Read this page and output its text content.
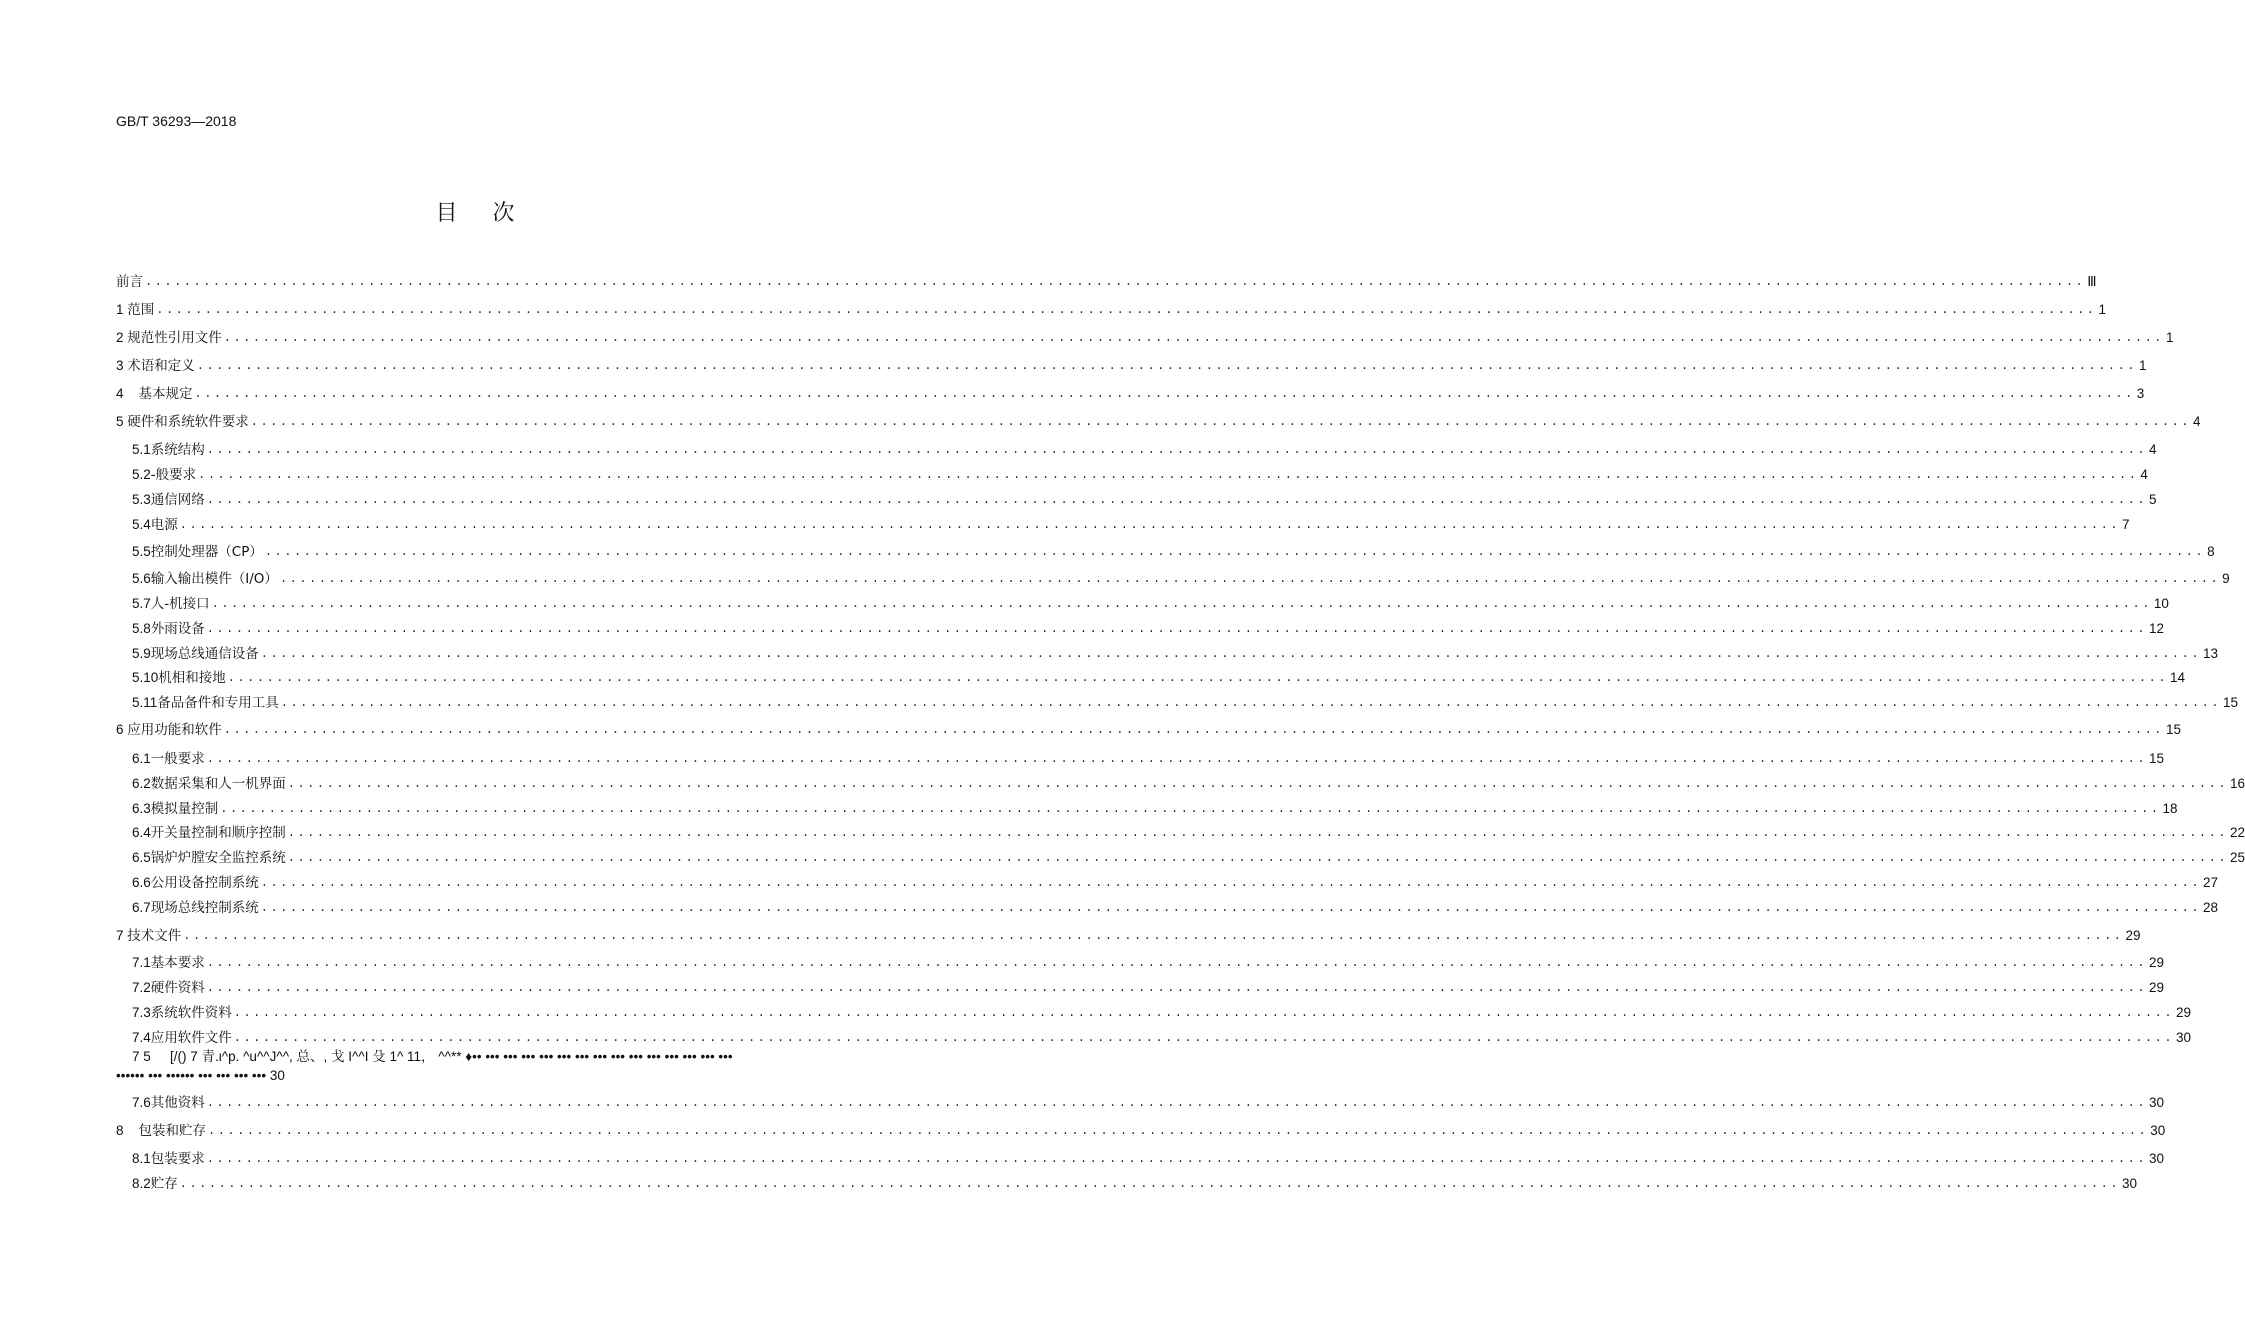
GB/T 36293—2018
目 次
前言 ........................................................................................................................................................................................................ Ⅲ
1 范围 ........................................................................................................................................................................................................ 1
2 规范性引用文件 ........................................................................................................................................................................................................ 1
3 术语和定义 ........................................................................................................................................................................................................ 1
4 基本规定 ........................................................................................................................................................................................................ 3
5 硬件和系统软件要求 ........................................................................................................................................................................................................ 4
5.1 系统结构 ........................................................................................................................................................................................................ 4
5.2 -般要求 ........................................................................................................................................................................................................ 4
5.3 通信网络 ........................................................................................................................................................................................................ 5
5.4 电源 ........................................................................................................................................................................................................ 7
5.5 控制处理器（CP） ........................................................................................................................................................................................................ 8
5.6 输入输出模件（I/O） ........................................................................................................................................................................................................ 9
5.7 人-机接口 ........................................................................................................................................................................................................ 10
5.8 外雨设备 ........................................................................................................................................................................................................ 12
5.9 现场总线通信设备 ........................................................................................................................................................................................................ 13
5.10 机相和接地 ........................................................................................................................................................................................................ 14
5.11 备品备件和专用工具 ........................................................................................................................................................................................................ 15
6 应用功能和软件 ........................................................................................................................................................................................................ 15
6.1 一般要求 ........................................................................................................................................................................................................ 15
6.2 数据采集和人一机界面 ........................................................................................................................................................................................................ 16
6.3 模拟量控制 ........................................................................................................................................................................................................ 18
6.4 开关量控制和顺序控制 ........................................................................................................................................................................................................ 22
6.5 锅炉炉膛安全监控系统 ........................................................................................................................................................................................................ 25
6.6 公用设备控制系统 ........................................................................................................................................................................................................ 27
6.7 现场总线控制系统 ........................................................................................................................................................................................................ 28
7 技术文件 ........................................................................................................................................................................................................ 29
7.1 基本要求 ........................................................................................................................................................................................................ 29
7.2 硬件资料 ........................................................................................................................................................................................................ 29
7.3 系统软件资料 ........................................................................................................................................................................................................ 29
7.4 应用软件文件 ........................................................................................................................................................................................................ 30
7.6 其他资料 ........................................................................................................................................................................................................ 30
8 包装和贮存 ........................................................................................................................................................................................................ 30
8.1 包装要求 ........................................................................................................................................................................................................ 30
8.2 贮存 ........................................................................................................................................................................................................ 30
7 5 [/() 7 青.ι^p. ^u^^J^^, 总、, 戈 I^^I 殳 1^ 11， ^^** ♦•• ••• ••• ••• ••• ••• ••• ••• ••• ••• ••• ••• ••• ••• •••
•••••• ••• •••••• ••• ••• ••• ••• 30
